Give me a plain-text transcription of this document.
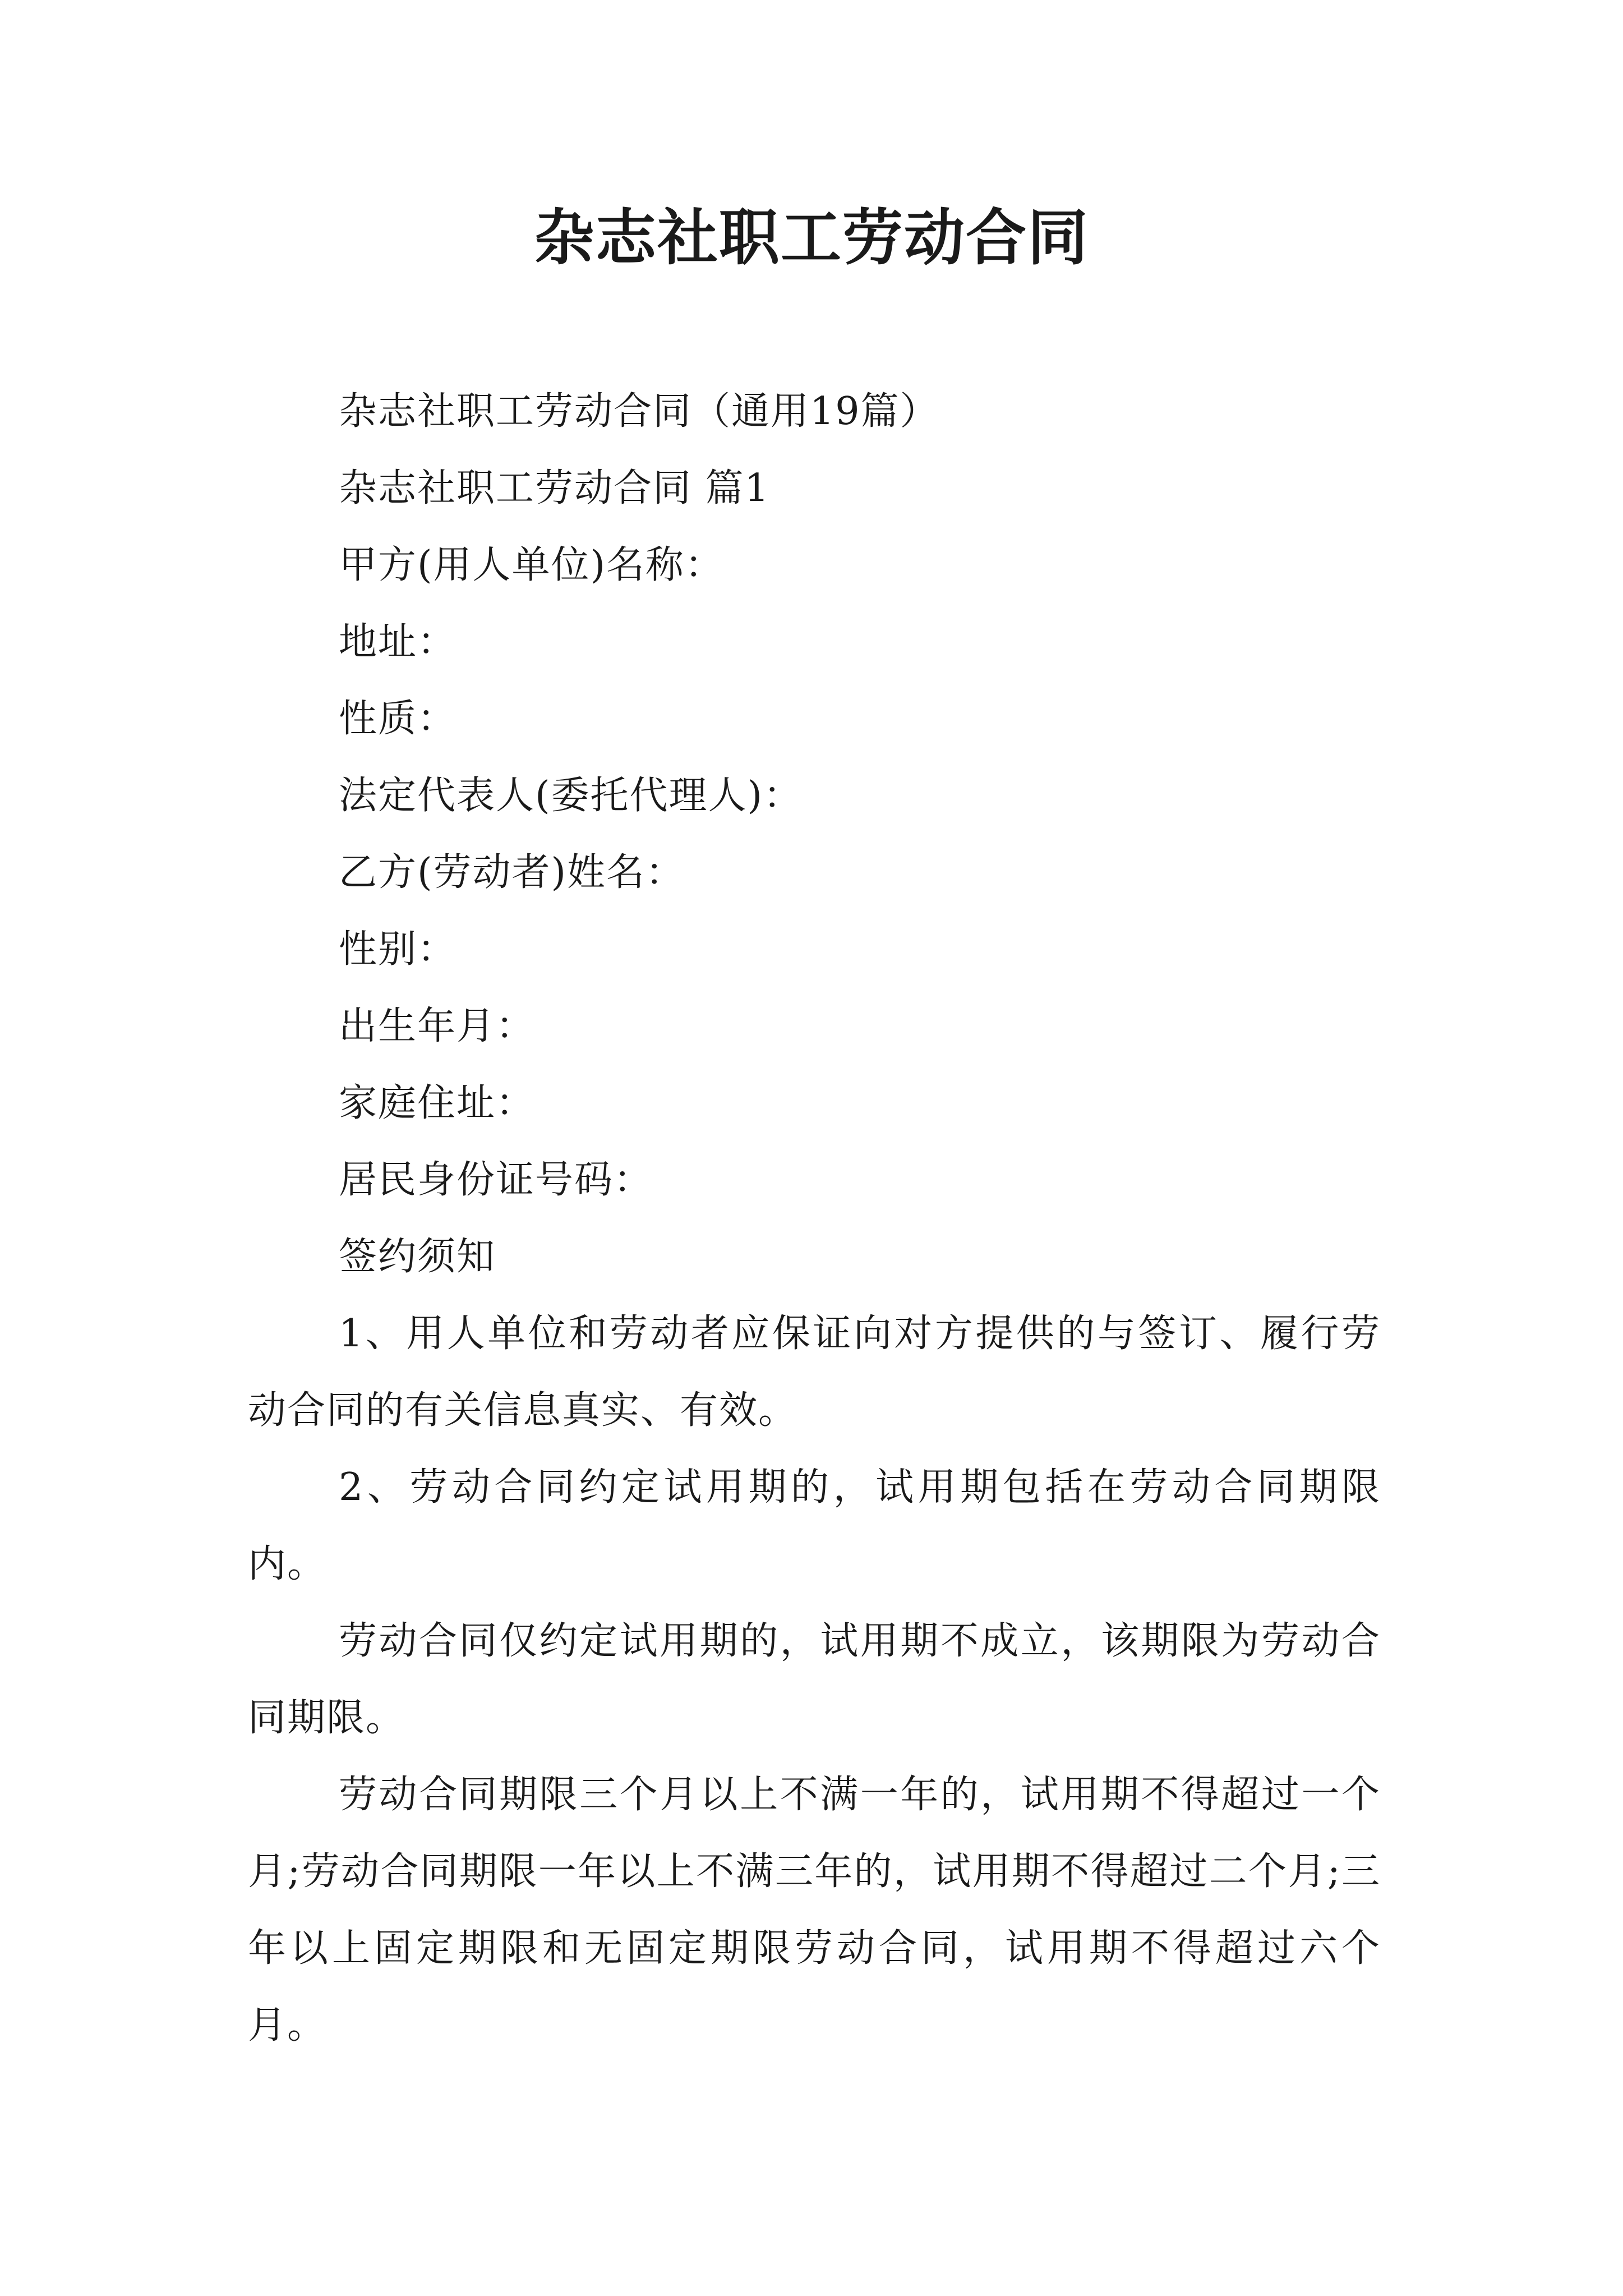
杂志社职工劳动合同

杂志社职工劳动合同（通用19篇）

杂志社职工劳动合同 篇1

甲方(用人单位)名称：

地址：

性质：

法定代表人(委托代理人)：

乙方(劳动者)姓名：

性别：

出生年月：

家庭住址：

居民身份证号码：

签约须知

1、用人单位和劳动者应保证向对方提供的与签订、履行劳动合同的有关信息真实、有效。

2、劳动合同约定试用期的，试用期包括在劳动合同期限内。

劳动合同仅约定试用期的，试用期不成立，该期限为劳动合同期限。

劳动合同期限三个月以上不满一年的，试用期不得超过一个月;劳动合同期限一年以上不满三年的，试用期不得超过二个月;三年以上固定期限和无固定期限劳动合同，试用期不得超过六个月。
